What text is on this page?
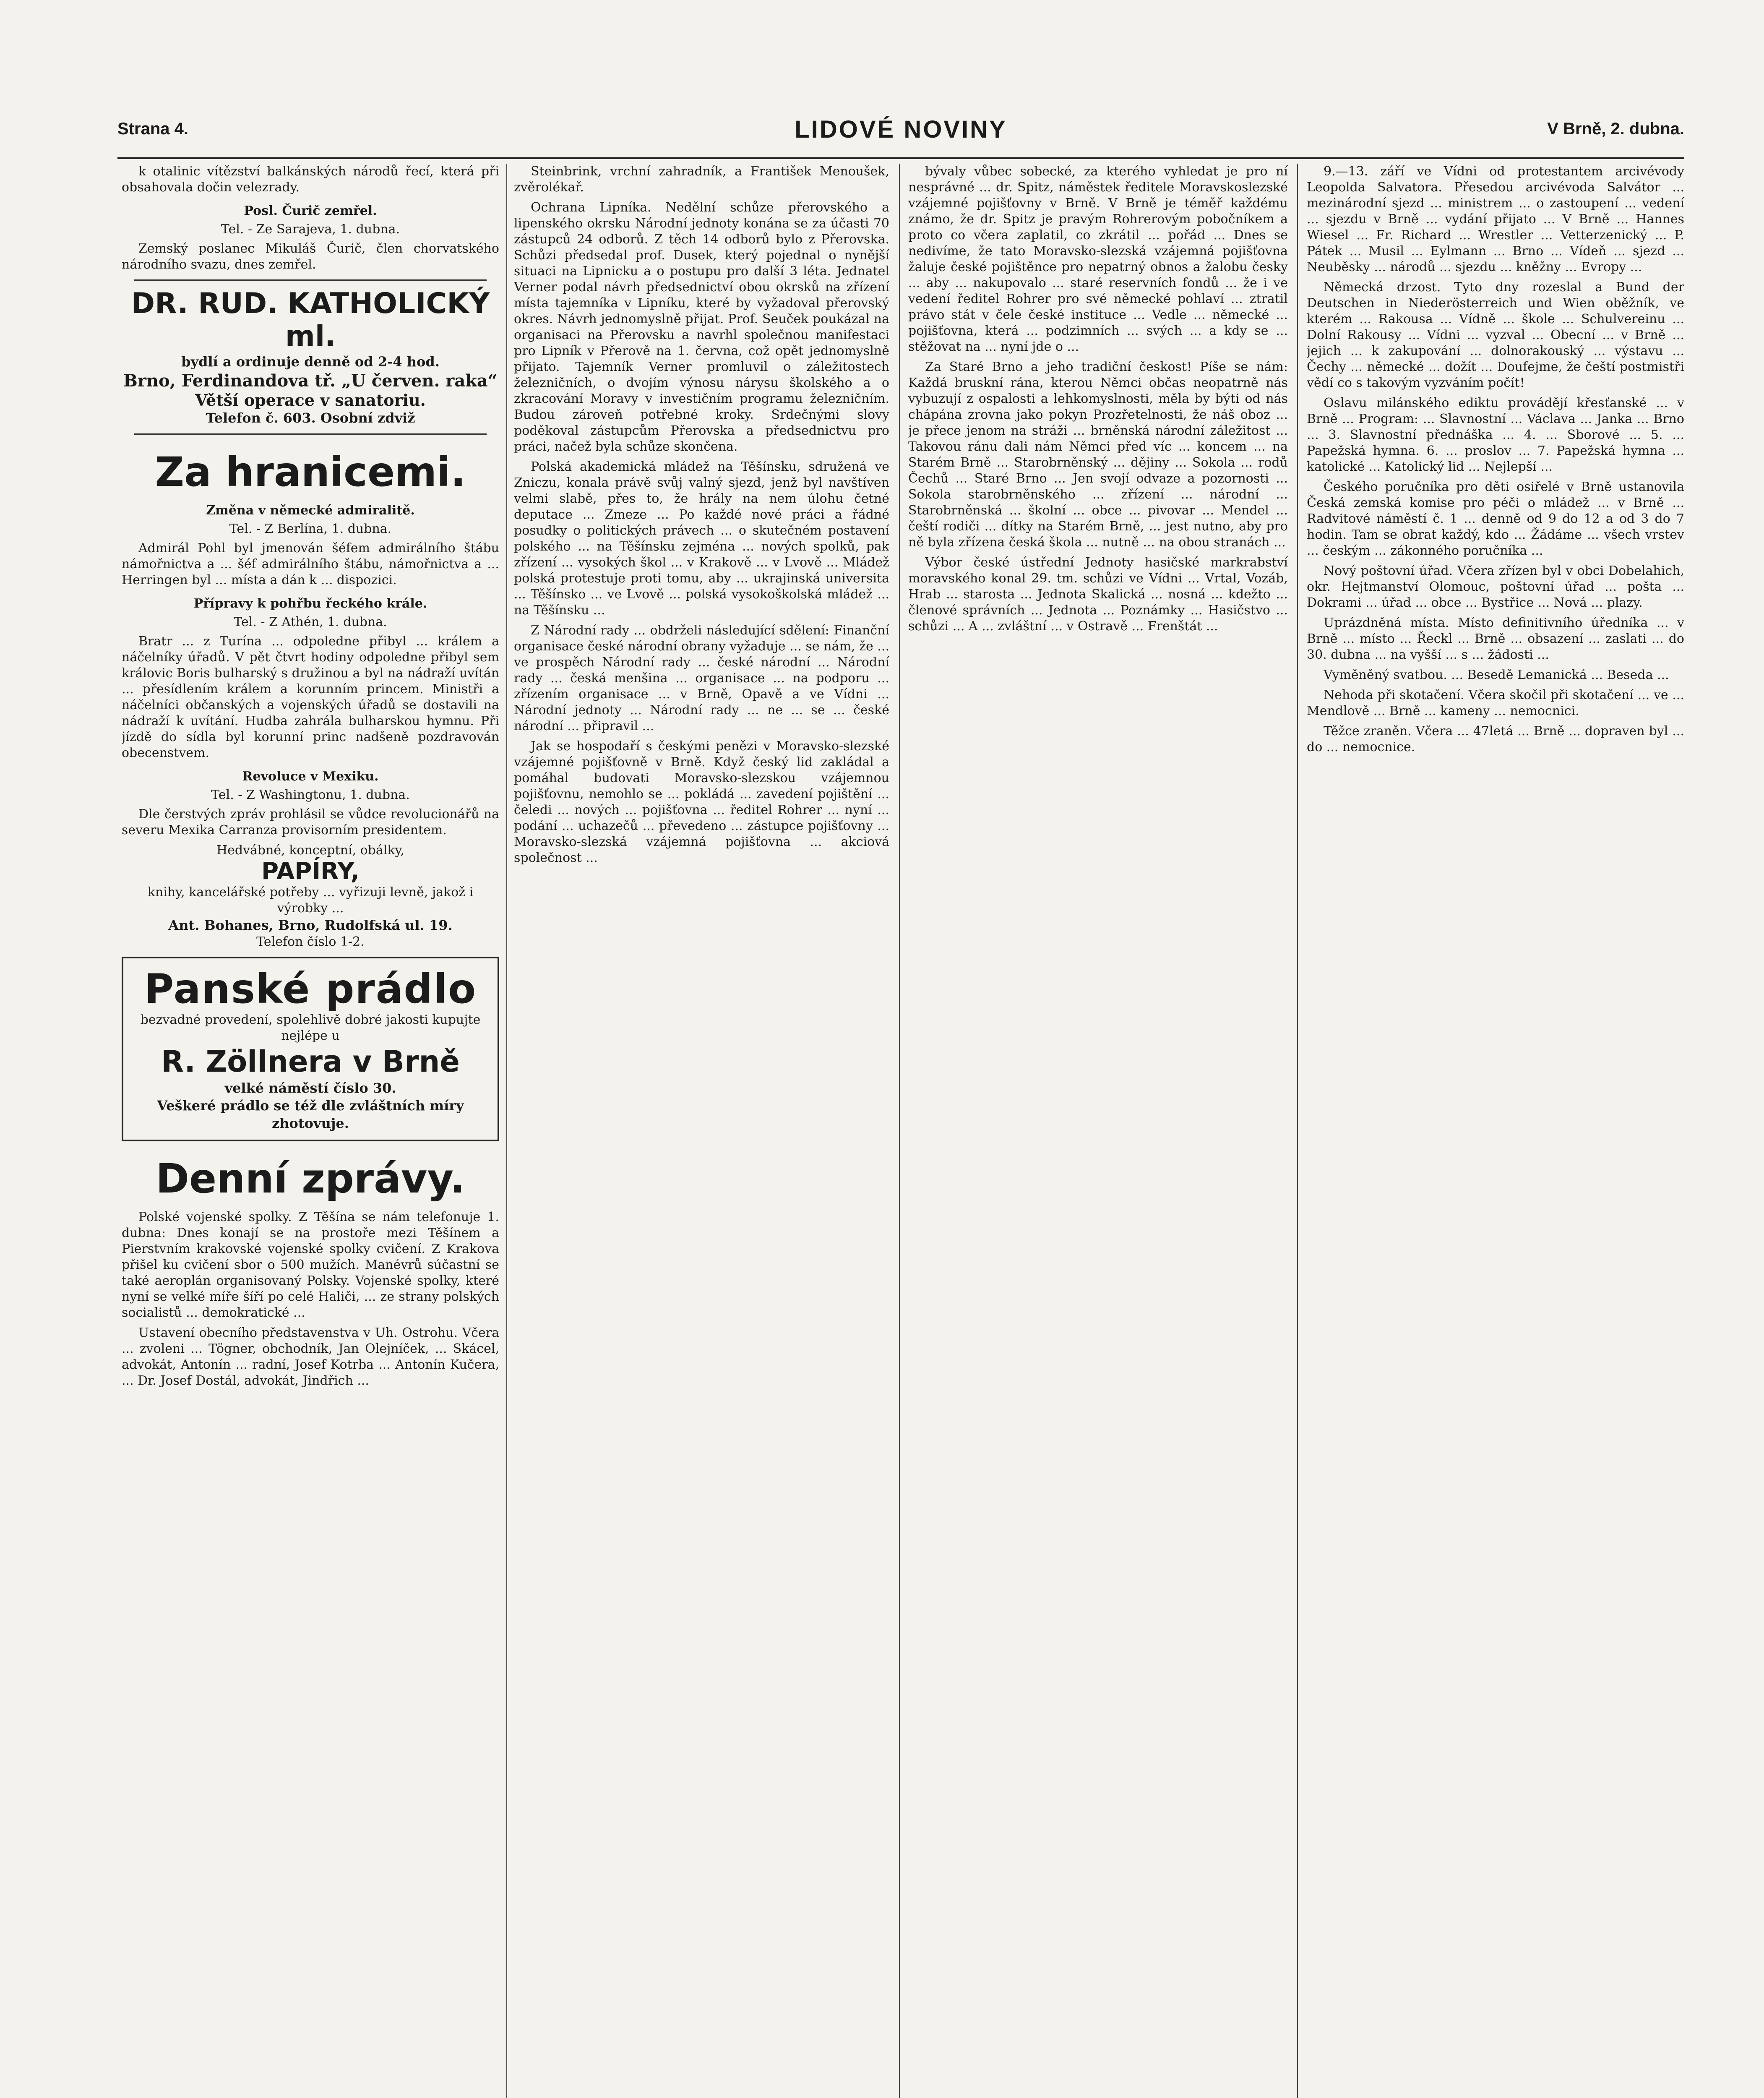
Strana 4.	LIDOVÉ NOVINY	V Brně, 2. dubna.

k otalinic vítězství balkánských národů řecí, která při obsahovala dočin velezrady.

Posl. Čurič zemřel.

Tel. - Ze Sarajeva, 1. dubna.

Zemský poslanec Mikuláš Čurič, člen chorvatského národního svazu, dnes zemřel.

DR. RUD. KATHOLICKÝ ml.
bydlí a ordinuje denně od 2-4 hod.
Brno, Ferdinandova tř. „U červen. raka“
Větší operace v sanatoriu.
Telefon č. 603. Osobní zdviž
Za hranicemi.

Změna v německé admiralitě.

Tel. - Z Berlína, 1. dubna.

Admirál Pohl byl jmenován šéfem admirálního štábu námořnictva a ... šéf admirálního štábu, námořnictva a ... Herringen byl ... místa a dán k ... dispozici.

Přípravy k pohřbu řeckého krále.

Tel. - Z Athén, 1. dubna.

Bratr ... z Turína ... odpoledne přibyl ... králem a náčelníky úřadů. V pět čtvrt hodiny odpoledne přibyl sem královic Boris bulharský s družinou a byl na nádraží uvítán ... přesídlením králem a korunním princem. Ministři a náčelníci občanských a vojenských úřadů se dostavili na nádraží k uvítání. Hudba zahrála bulharskou hymnu. Při jízdě do sídla byl korunní princ nadšeně pozdravován obecenstvem.

Revoluce v Mexiku.

Tel. - Z Washingtonu, 1. dubna.

Dle čerstvých zpráv prohlásil se vůdce revolucionářů na severu Mexika Carranza provisorním presidentem.

Hedvábné, konceptní, obálky,
PAPÍRY,
knihy, kancelářské potřeby ... vyřizuji levně, jakož i výrobky ...
Ant. Bohanes, Brno, Rudolfská ul. 19.
Telefon číslo 1-2.
Panské prádlo
bezvadné provedení, spolehlivě dobré jakosti kupujte nejlépe u
R. Zöllnera v Brně
velké náměstí číslo 30.
Veškeré prádlo se též dle zvláštních míry zhotovuje.
Denní zprávy.

Polské vojenské spolky. Z Těšína se nám telefonuje 1. dubna: Dnes konají se na prostoře mezi Těšínem a Pierstvním krakovské vojenské spolky cvičení. Z Krakova přišel ku cvičení sbor o 500 mužích. Manévrů súčastní se také aeroplán organisovaný Polsky. Vojenské spolky, které nyní se velké míře šíří po celé Haliči, ... ze strany polských socialistů ... demokratické ...

Ustavení obecního představenstva v Uh. Ostrohu. Včera ... zvoleni ... Tögner, obchodník, Jan Olejníček, ... Skácel, advokát, Antonín ... radní, Josef Kotrba ... Antonín Kučera, ... Dr. Josef Dostál, advokát, Jindřich ...

Steinbrink, vrchní zahradník, a František Menoušek, zvěrolékař.

Ochrana Lipníka. Nedělní schůze přerovského a lipenského okrsku Národní jednoty konána se za účasti 70 zástupců 24 odborů. Z těch 14 odborů bylo z Přerovska. Schůzi předsedal prof. Dusek, který pojednal o nynější situaci na Lipnicku a o postupu pro další 3 léta. Jednatel Verner podal návrh předsednictví obou okrsků na zřízení místa tajemníka v Lipníku, které by vyžadoval přerovský okres. Návrh jednomyslně přijat. Prof. Seuček poukázal na organisaci na Přerovsku a navrhl společnou manifestaci pro Lipník v Přerově na 1. června, což opět jednomyslně přijato. Tajemník Verner promluvil o záležitostech železničních, o dvojím výnosu nárysu školského a o zkracování Moravy v investičním programu železničním. Budou zároveň potřebné kroky. Srdečnými slovy poděkoval zástupcům Přerovska a předsednictvu pro práci, načež byla schůze skončena.

Polská akademická mládež na Těšínsku, sdružená ve Zniczu, konala právě svůj valný sjezd, jenž byl navštíven velmi slabě, přes to, že hrály na nem úlohu četné deputace ... Zmeze ... Po každé nové práci a řádné posudky o politických právech ... o skutečném postavení polského ... na Těšínsku zejména ... nových spolků, pak zřízení ... vysokých škol ... v Krakově ... v Lvově ... Mládež polská protestuje proti tomu, aby ... ukrajinská universita ... Těšínsko ... ve Lvově ... polská vysokoškolská mládež ... na Těšínsku ...

Z Národní rady ... obdrželi následující sdělení: Finanční organisace české národní obrany vyžaduje ... se nám, že ... ve prospěch Národní rady ... české národní ... Národní rady ... česká menšina ... organisace ... na podporu ... zřízením organisace ... v Brně, Opavě a ve Vídni ... Národní jednoty ... Národní rady ... ne ... se ... české národní ... připravil ...

Jak se hospodaří s českými penězi v Moravsko-slezské vzájemné pojišťovně v Brně. Když český lid zakládal a pomáhal budovati Moravsko-slezskou vzájemnou pojišťovnu, nemohlo se ... pokládá ... zavedení pojištění ... čeledi ... nových ... pojišťovna ... ředitel Rohrer ... nyní ... podání ... uchazečů ... převedeno ... zástupce pojišťovny ... Moravsko-slezská vzájemná pojišťovna ... akciová společnost ...

bývaly vůbec sobecké, za kterého vyhledat je pro ní nesprávné ... dr. Spitz, náměstek ředitele Moravskoslezské vzájemné pojišťovny v Brně. V Brně je téměř každému známo, že dr. Spitz je pravým Rohrerovým pobočníkem a proto co včera zaplatil, co zkrátil ... pořád ... Dnes se nedivíme, že tato Moravsko-slezská vzájemná pojišťovna žaluje české pojištěnce pro nepatrný obnos a žalobu česky ... aby ... nakupovalo ... staré reservních fondů ... že i ve vedení ředitel Rohrer pro své německé pohlaví ... ztratil právo stát v čele české instituce ... Vedle ... německé ... pojišťovna, která ... podzimních ... svých ... a kdy se ... stěžovat na ... nyní jde o ...

Za Staré Brno a jeho tradiční českost! Píše se nám: Každá bruskní rána, kterou Němci občas neopatrně nás vybuzují z ospalosti a lehkomyslnosti, měla by býti od nás chápána zrovna jako pokyn Prozřetelnosti, že náš oboz ... je přece jenom na stráži ... brněnská národní záležitost ... Takovou ránu dali nám Němci před víc ... koncem ... na Starém Brně ... Starobrněnský ... dějiny ... Sokola ... rodů Čechů ... Staré Brno ... Jen svojí odvaze a pozornosti ... Sokola starobrněnského ... zřízení ... národní ... Starobrněnská ... školní ... obce ... pivovar ... Mendel ... čeští rodiči ... dítky na Starém Brně, ... jest nutno, aby pro ně byla zřízena česká škola ... nutně ... na obou stranách ...

Výbor české ústřední Jednoty hasičské markrabství moravského konal 29. tm. schůzi ve Vídni ... Vrtal, Vozáb, Hrab ... starosta ... Jednota Skalická ... nosná ... kdežto ... členové správních ... Jednota ... Poznámky ... Hasičstvo ... schůzi ... A ... zvláštní ... v Ostravě ... Frenštát ...

9.—13. září ve Vídni od protestantem arcivévody Leopolda Salvatora. Přesedou arcivévoda Salvátor ... mezinárodní sjezd ... ministrem ... o zastoupení ... vedení ... sjezdu v Brně ... vydání přijato ... V Brně ... Hannes Wiesel ... Fr. Richard ... Wrestler ... Vetterzenický ... P. Pátek ... Musil ... Eylmann ... Brno ... Vídeň ... sjezd ... Neuběsky ... národů ... sjezdu ... kněžny ... Evropy ...

Německá drzost. Tyto dny rozeslal a Bund der Deutschen in Niederösterreich und Wien oběžník, ve kterém ... Rakousa ... Vídně ... škole ... Schulvereinu ... Dolní Rakousy ... Vídni ... vyzval ... Obecní ... v Brně ... jejich ... k zakupování ... dolnorakouský ... výstavu ... Čechy ... německé ... dožít ... Doufejme, že čeští postmistři vědí co s takovým vyzváním počít!

Oslavu milánského ediktu provádějí křesťanské ... v Brně ... Program: ... Slavnostní ... Václava ... Janka ... Brno ... 3. Slavnostní přednáška ... 4. ... Sborové ... 5. ... Papežská hymna. 6. ... proslov ... 7. Papežská hymna ... katolické ... Katolický lid ... Nejlepší ...

Českého poručníka pro děti osiřelé v Brně ustanovila Česká zemská komise pro péči o mládež ... v Brně ... Radvitové náměstí č. 1 ... denně od 9 do 12 a od 3 do 7 hodin. Tam se obrat každý, kdo ... Žádáme ... všech vrstev ... českým ... zákonného poručníka ...

Nový poštovní úřad. Včera zřízen byl v obci Dobelahich, okr. Hejtmanství Olomouc, poštovní úřad ... pošta ... Dokrami ... úřad ... obce ... Bystřice ... Nová ... plazy.

Uprázdněná místa. Místo definitivního úředníka ... v Brně ... místo ... Řeckl ... Brně ... obsazení ... zaslati ... do 30. dubna ... na vyšší ... s ... žádosti ...

Vyměněný svatbou. ... Besedě Lemanická ... Beseda ...

Nehoda při skotačení. Včera skočil při skotačení ... ve ... Mendlově ... Brně ... kameny ... nemocnici.

Těžce zraněn. Včera ... 47letá ... Brně ... dopraven byl ... do ... nemocnice.
